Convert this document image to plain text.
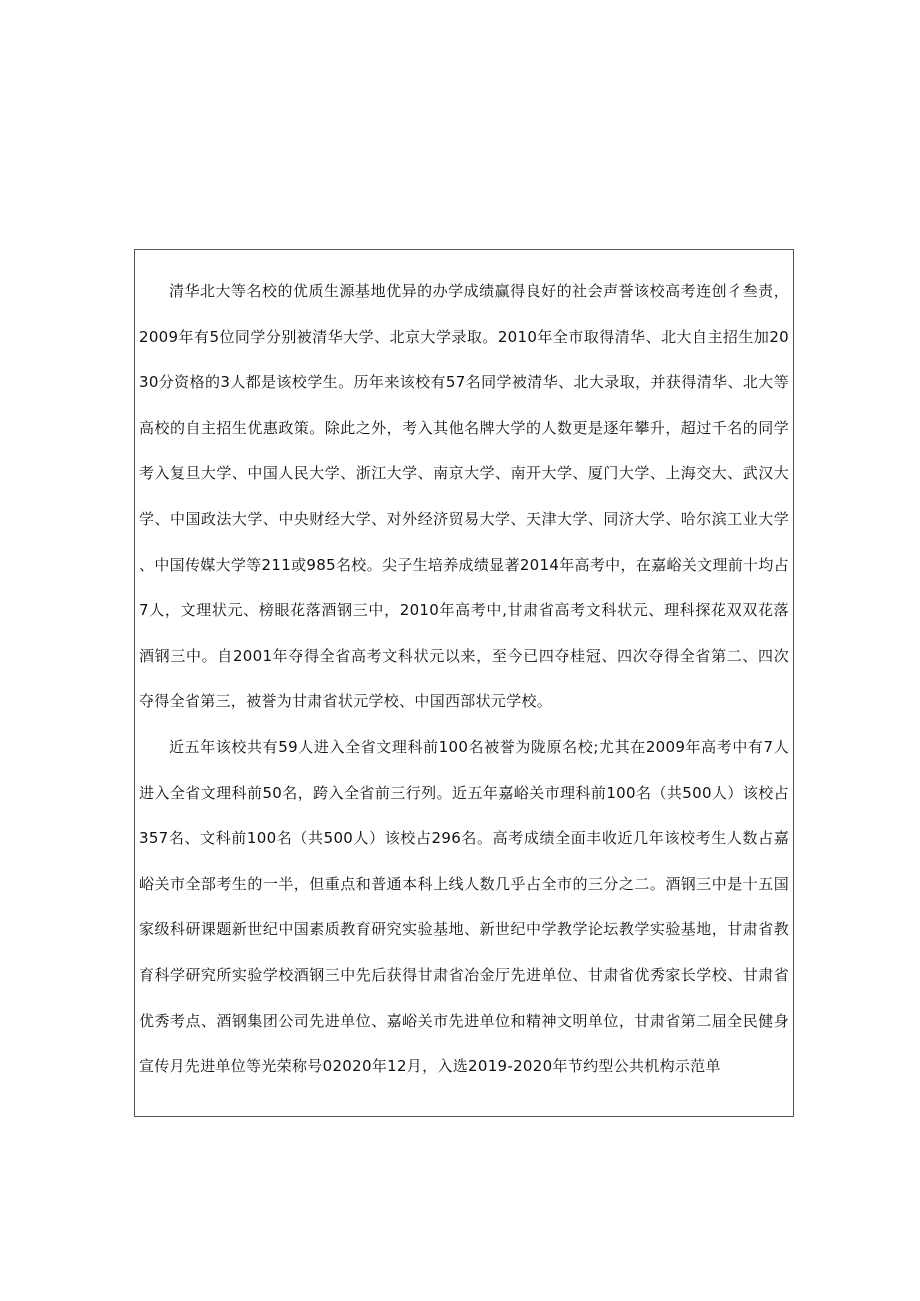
清华北大等名校的优质生源基地优异的办学成绩赢得良好的社会声誉该校高考连创彳叁责，2009年有5位同学分别被清华大学、北京大学录取。2010年全市取得清华、北大自主招生加2030分资格的3人都是该校学生。历年来该校有57名同学被清华、北大录取，并获得清华、北大等高校的自主招生优惠政策。除此之外，考入其他名牌大学的人数更是逐年攀升，超过千名的同学考入复旦大学、中国人民大学、浙江大学、南京大学、南开大学、厦门大学、上海交大、武汉大学、中国政法大学、中央财经大学、对外经济贸易大学、天津大学、同济大学、哈尔滨工业大学、中国传媒大学等211或985名校。尖子生培养成绩显著2014年高考中，在嘉峪关文理前十均占7人，文理状元、榜眼花落酒钢三中，2010年高考中,甘肃省高考文科状元、理科探花双双花落酒钢三中。自2001年夺得全省高考文科状元以来，至今已四夺桂冠、四次夺得全省第二、四次夺得全省第三，被誉为甘肃省状元学校、中国西部状元学校。

近五年该校共有59人进入全省文理科前100名被誉为陇原名校;尤其在2009年高考中有7人进入全省文理科前50名，跨入全省前三行列。近五年嘉峪关市理科前100名（共500人）该校占357名、文科前100名（共500人）该校占296名。高考成绩全面丰收近几年该校考生人数占嘉峪关市全部考生的一半，但重点和普通本科上线人数几乎占全市的三分之二。酒钢三中是十五国家级科研课题新世纪中国素质教育研究实验基地、新世纪中学教学论坛教学实验基地，甘肃省教育科学研究所实验学校酒钢三中先后获得甘肃省冶金厅先进单位、甘肃省优秀家长学校、甘肃省优秀考点、酒钢集团公司先进单位、嘉峪关市先进单位和精神文明单位，甘肃省第二届全民健身宣传月先进单位等光荣称号02020年12月，入选2019-2020年节约型公共机构示范单
